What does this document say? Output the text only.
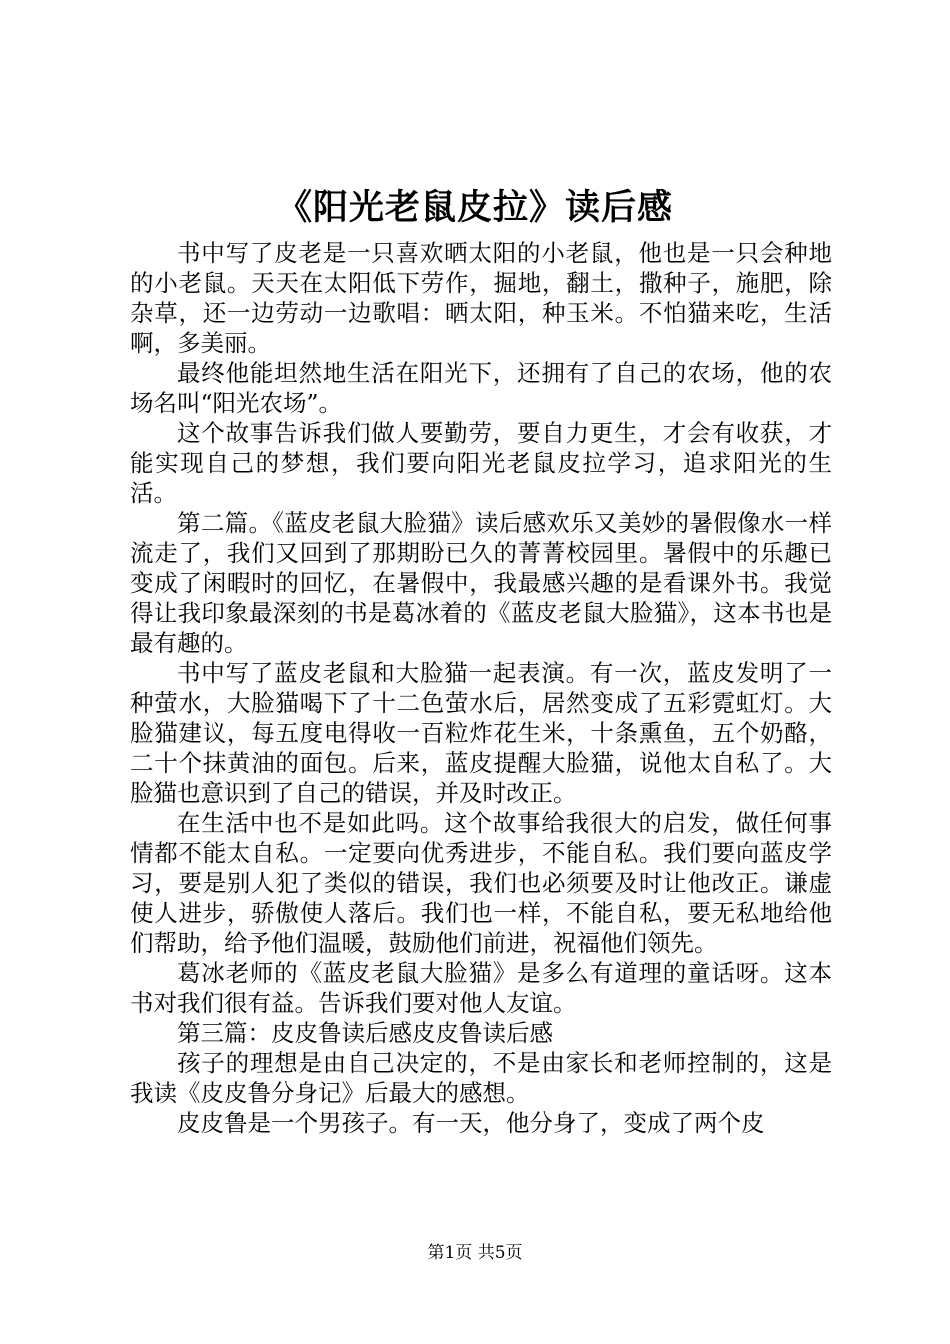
《阳光老鼠皮拉》读后感

书中写了皮老是一只喜欢晒太阳的小老鼠，他也是一只会种地的小老鼠。天天在太阳低下劳作，掘地，翻土，撒种子，施肥，除杂草，还一边劳动一边歌唱：晒太阳，种玉米。不怕猫来吃，生活啊，多美丽。

最终他能坦然地生活在阳光下，还拥有了自己的农场，他的农场名叫“阳光农场”。

这个故事告诉我们做人要勤劳，要自力更生，才会有收获，才能实现自己的梦想，我们要向阳光老鼠皮拉学习，追求阳光的生活。

第二篇。《蓝皮老鼠大脸猫》读后感欢乐又美妙的暑假像水一样流走了，我们又回到了那期盼已久的菁菁校园里。暑假中的乐趣已变成了闲暇时的回忆，在暑假中，我最感兴趣的是看课外书。我觉得让我印象最深刻的书是葛冰着的《蓝皮老鼠大脸猫》，这本书也是最有趣的。

书中写了蓝皮老鼠和大脸猫一起表演。有一次，蓝皮发明了一种萤水，大脸猫喝下了十二色萤水后，居然变成了五彩霓虹灯。大脸猫建议，每五度电得收一百粒炸花生米，十条熏鱼，五个奶酪，二十个抹黄油的面包。后来，蓝皮提醒大脸猫，说他太自私了。大脸猫也意识到了自己的错误，并及时改正。

在生活中也不是如此吗。这个故事给我很大的启发，做任何事情都不能太自私。一定要向优秀进步，不能自私。我们要向蓝皮学习，要是别人犯了类似的错误，我们也必须要及时让他改正。谦虚使人进步，骄傲使人落后。我们也一样，不能自私，要无私地给他们帮助，给予他们温暖，鼓励他们前进，祝福他们领先。

葛冰老师的《蓝皮老鼠大脸猫》是多么有道理的童话呀。这本书对我们很有益。告诉我们要对他人友谊。

第三篇：皮皮鲁读后感皮皮鲁读后感

孩子的理想是由自己决定的，不是由家长和老师控制的，这是我读《皮皮鲁分身记》后最大的感想。

皮皮鲁是一个男孩子。有一天，他分身了，变成了两个皮

第1页 共5页
